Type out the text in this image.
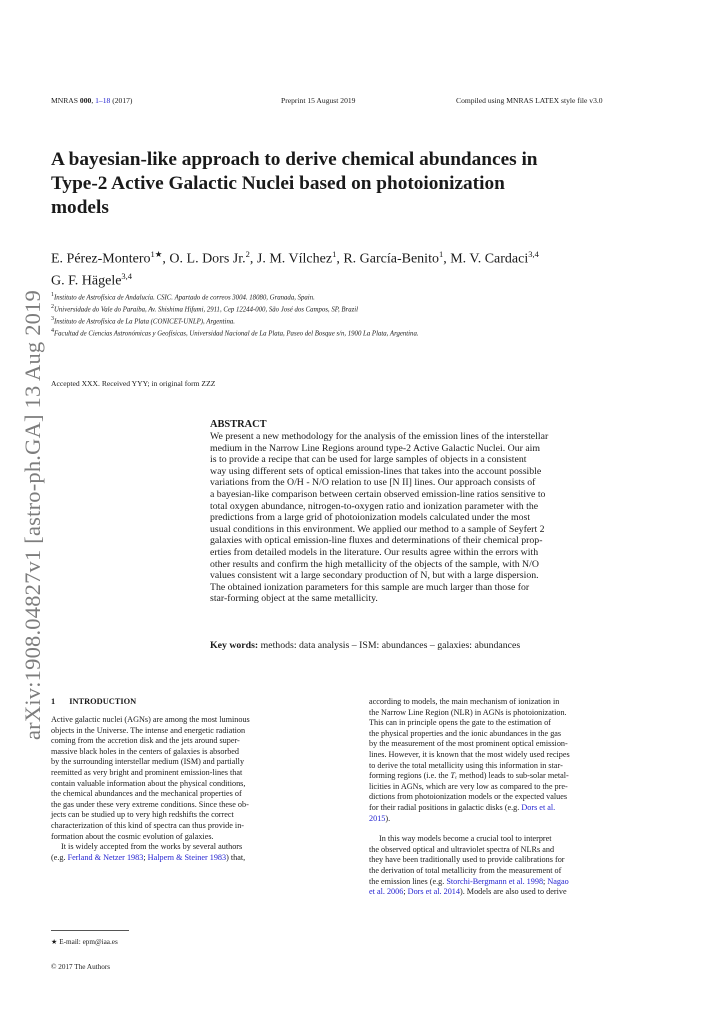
MNRAS 000, 1–18 (2017)	Preprint 15 August 2019	Compiled using MNRAS LATEX style file v3.0
arXiv:1908.04827v1 [astro-ph.GA] 13 Aug 2019
A bayesian-like approach to derive chemical abundances in
Type-2 Active Galactic Nuclei based on photoionization
models
E. Pérez-Montero$^{1★}$, O. L. Dors Jr.$^2$, J. M. Vílchez$^1$, R. García-Benito$^1$, M. V. Cardaci$^{3,4}$
G. F. Hägele$^{3,4}$
$^1$Instituto de Astrofísica de Andalucía. CSIC. Apartado de correos 3004. 18080, Granada, Spain.
$^2$Universidade do Vale do Paraíba, Av. Shishima Hifumi, 2911, Cep 12244-000, São José dos Campos, SP, Brazil
$^3$Instituto de Astrofísica de La Plata (CONICET-UNLP), Argentina.
$^4$Facultad de Ciencias Astronómicas y Geofísicas, Universidad Nacional de La Plata, Paseo del Bosque s/n, 1900 La Plata, Argentina.
Accepted XXX. Received YYY; in original form ZZZ
ABSTRACT
We present a new methodology for the analysis of the emission lines of the interstellar
medium in the Narrow Line Regions around type-2 Active Galactic Nuclei. Our aim
is to provide a recipe that can be used for large samples of objects in a consistent
way using different sets of optical emission-lines that takes into the account possible
variations from the O/H - N/O relation to use [N II] lines. Our approach consists of
a bayesian-like comparison between certain observed emission-line ratios sensitive to
total oxygen abundance, nitrogen-to-oxygen ratio and ionization parameter with the
predictions from a large grid of photoionization models calculated under the most
usual conditions in this environment. We applied our method to a sample of Seyfert 2
galaxies with optical emission-line fluxes and determinations of their chemical prop-
erties from detailed models in the literature. Our results agree within the errors with
other results and confirm the high metallicity of the objects of the sample, with N/O
values consistent wit a large secondary production of N, but with a large dispersion.
The obtained ionization parameters for this sample are much larger than those for
star-forming object at the same metallicity.
Key words: methods: data analysis – ISM: abundances – galaxies: abundances
1 INTRODUCTION
Active galactic nuclei (AGNs) are among the most luminous
objects in the Universe. The intense and energetic radiation
coming from the accretion disk and the jets around super-
massive black holes in the centers of galaxies is absorbed
by the surrounding interstellar medium (ISM) and partially
reemitted as very bright and prominent emission-lines that
contain valuable information about the physical conditions,
the chemical abundances and the mechanical properties of
the gas under these very extreme conditions. Since these ob-
jects can be studied up to very high redshifts the correct
characterization of this kind of spectra can thus provide in-
formation about the cosmic evolution of galaxies.
It is widely accepted from the works by several authors
(e.g. Ferland & Netzer 1983; Halpern & Steiner 1983) that,
according to models, the main mechanism of ionization in
the Narrow Line Region (NLR) in AGNs is photoionization.
This can in principle opens the gate to the estimation of
the physical properties and the ionic abundances in the gas
by the measurement of the most prominent optical emission-
lines. However, it is known that the most widely used recipes
to derive the total metallicity using this information in star-
forming regions (i.e. the Tₑ method) leads to sub-solar metal-
licities in AGNs, which are very low as compared to the pre-
dictions from photoionization models or the expected values
for their radial positions in galactic disks (e.g. Dors et al.
2015).
In this way models become a crucial tool to interpret
the observed optical and ultraviolet spectra of NLRs and
they have been traditionally used to provide calibrations for
the derivation of total metallicity from the measurement of
the emission lines (e.g. Storchi-Bergmann et al. 1998; Nagao
et al. 2006; Dors et al. 2014). Models are also used to derive
★ E-mail: epm@iaa.es
© 2017 The Authors
